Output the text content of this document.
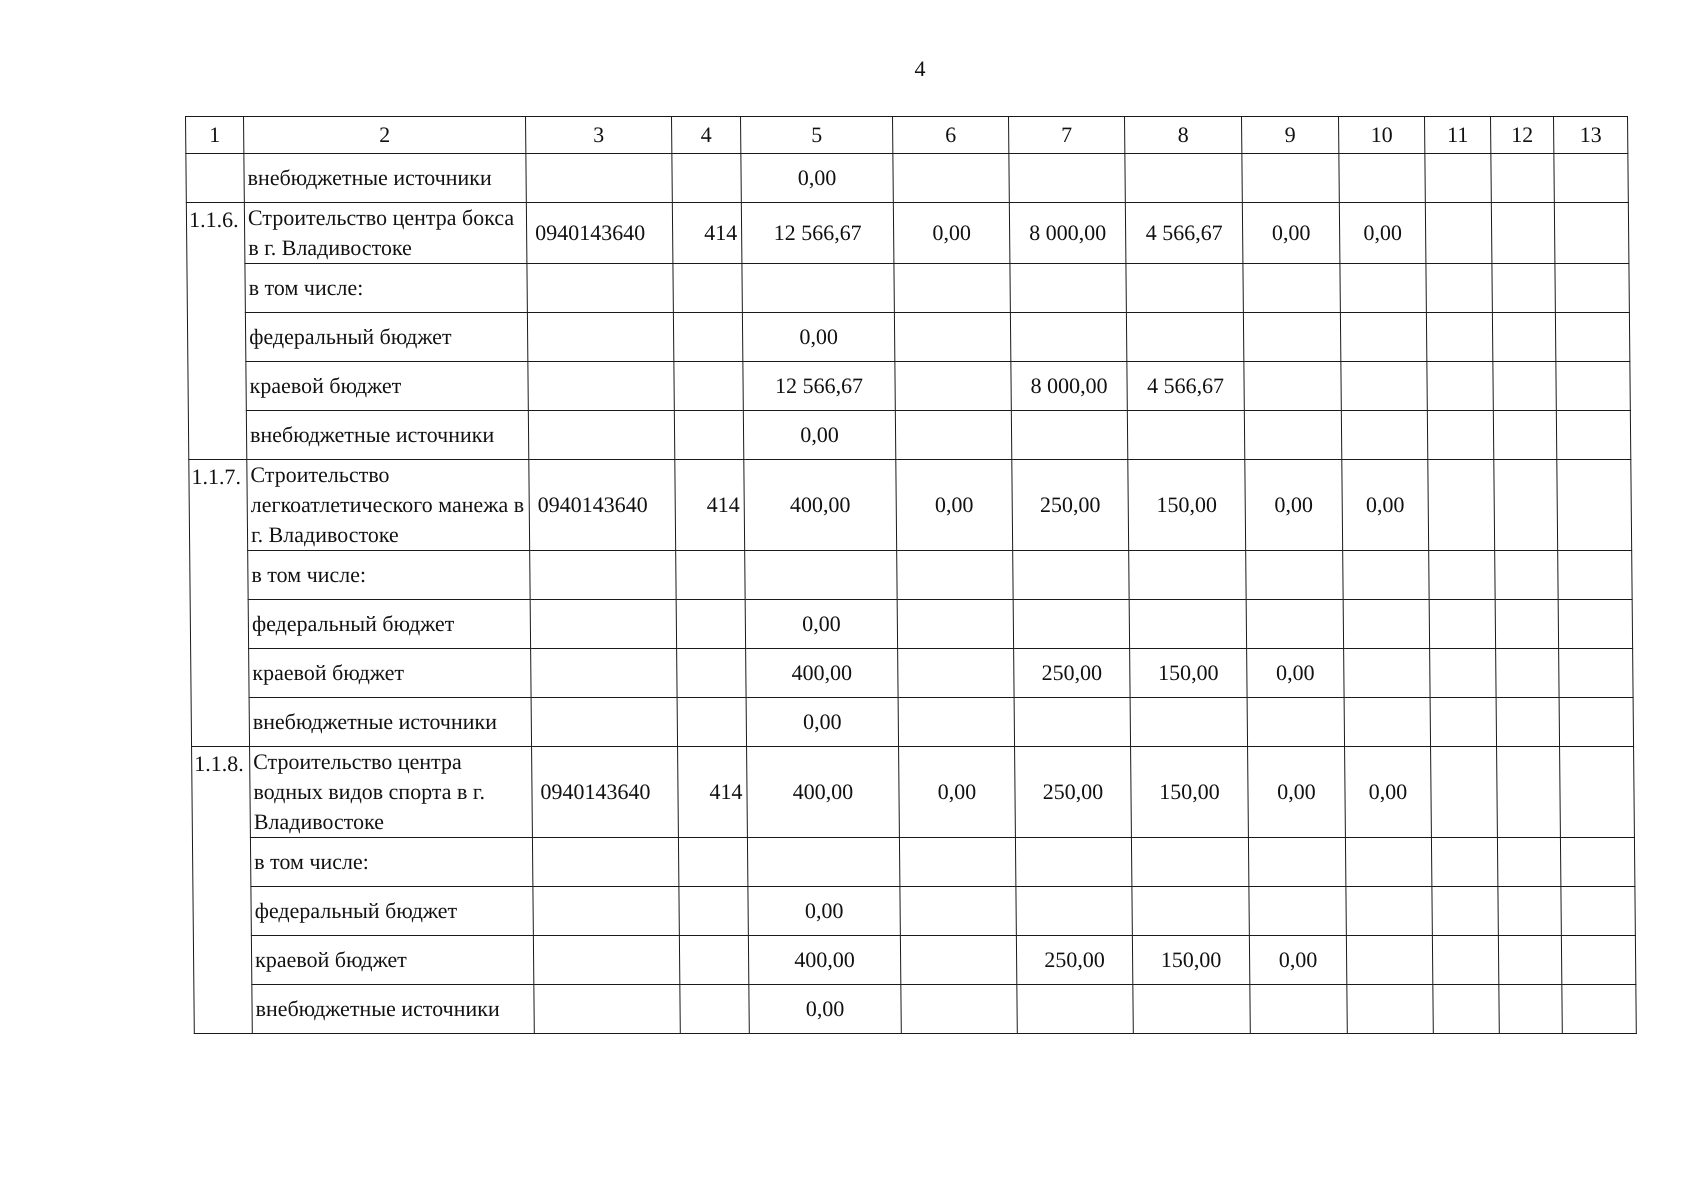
4
1	2	3	4	5	6	7	8	9	10	11	12	13
	внебюджетные источники			0,00								
1.1.6.	Строительство центра бокса в г. Владивостоке	0940143640	414	12 566,67	0,00	8 000,00	4 566,67	0,00	0,00			
	в том числе:											
	федеральный бюджет			0,00								
	краевой бюджет			12 566,67		8 000,00	4 566,67					
	внебюджетные источники			0,00								
1.1.7.	Строительство легкоатлетического манежа в г. Владивостоке	0940143640	414	400,00	0,00	250,00	150,00	0,00	0,00			
	в том числе:											
	федеральный бюджет			0,00								
	краевой бюджет			400,00		250,00	150,00	0,00				
	внебюджетные источники			0,00								
1.1.8.	Строительство центра водных видов спорта в г. Владивостоке	0940143640	414	400,00	0,00	250,00	150,00	0,00	0,00			
	в том числе:											
	федеральный бюджет			0,00								
	краевой бюджет			400,00		250,00	150,00	0,00				
	внебюджетные источники			0,00								
